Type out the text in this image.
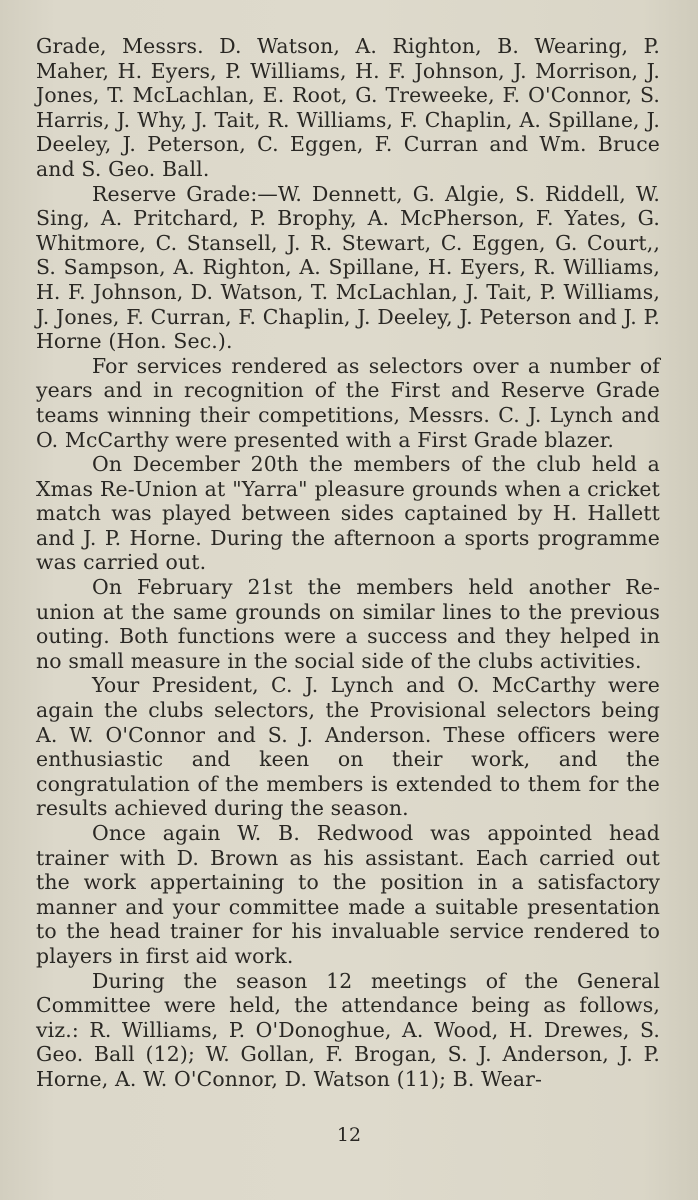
Grade, Messrs. D. Watson, A. Righton, B. Wearing, P. Maher, H. Eyers, P. Williams, H. F. Johnson, J. Morrison, J. Jones, T. McLachlan, E. Root, G. Treweeke, F. O'Connor, S. Harris, J. Why, J. Tait, R. Williams, F. Chaplin, A. Spillane, J. Deeley, J. Peterson, C. Eggen, F. Curran and Wm. Bruce and S. Geo. Ball.

Reserve Grade:—W. Dennett, G. Algie, S. Riddell, W. Sing, A. Pritchard, P. Brophy, A. McPherson, F. Yates, G. Whitmore, C. Stansell, J. R. Stewart, C. Eggen, G. Court,, S. Sampson, A. Righton, A. Spillane, H. Eyers, R. Williams, H. F. Johnson, D. Watson, T. McLachlan, J. Tait, P. Williams, J. Jones, F. Curran, F. Chaplin, J. Deeley, J. Peterson and J. P. Horne (Hon. Sec.).

For services rendered as selectors over a number of years and in recognition of the First and Reserve Grade teams winning their competitions, Messrs. C. J. Lynch and O. McCarthy were presented with a First Grade blazer.

On December 20th the members of the club held a Xmas Re-Union at "Yarra" pleasure grounds when a cricket match was played between sides captained by H. Hallett and J. P. Horne. During the afternoon a sports programme was carried out.

On February 21st the members held another Re-union at the same grounds on similar lines to the previous outing. Both functions were a success and they helped in no small measure in the social side of the clubs activities.

Your President, C. J. Lynch and O. McCarthy were again the clubs selectors, the Provisional selectors being A. W. O'Connor and S. J. Anderson. These officers were enthusiastic and keen on their work, and the congratulation of the members is extended to them for the results achieved during the season.

Once again W. B. Redwood was appointed head trainer with D. Brown as his assistant. Each carried out the work appertaining to the position in a satisfactory manner and your committee made a suitable presentation to the head trainer for his invaluable service rendered to players in first aid work.

During the season 12 meetings of the General Committee were held, the attendance being as follows, viz.: R. Williams, P. O'Donoghue, A. Wood, H. Drewes, S. Geo. Ball (12); W. Gollan, F. Brogan, S. J. Anderson, J. P. Horne, A. W. O'Connor, D. Watson (11); B. Wear-

12
